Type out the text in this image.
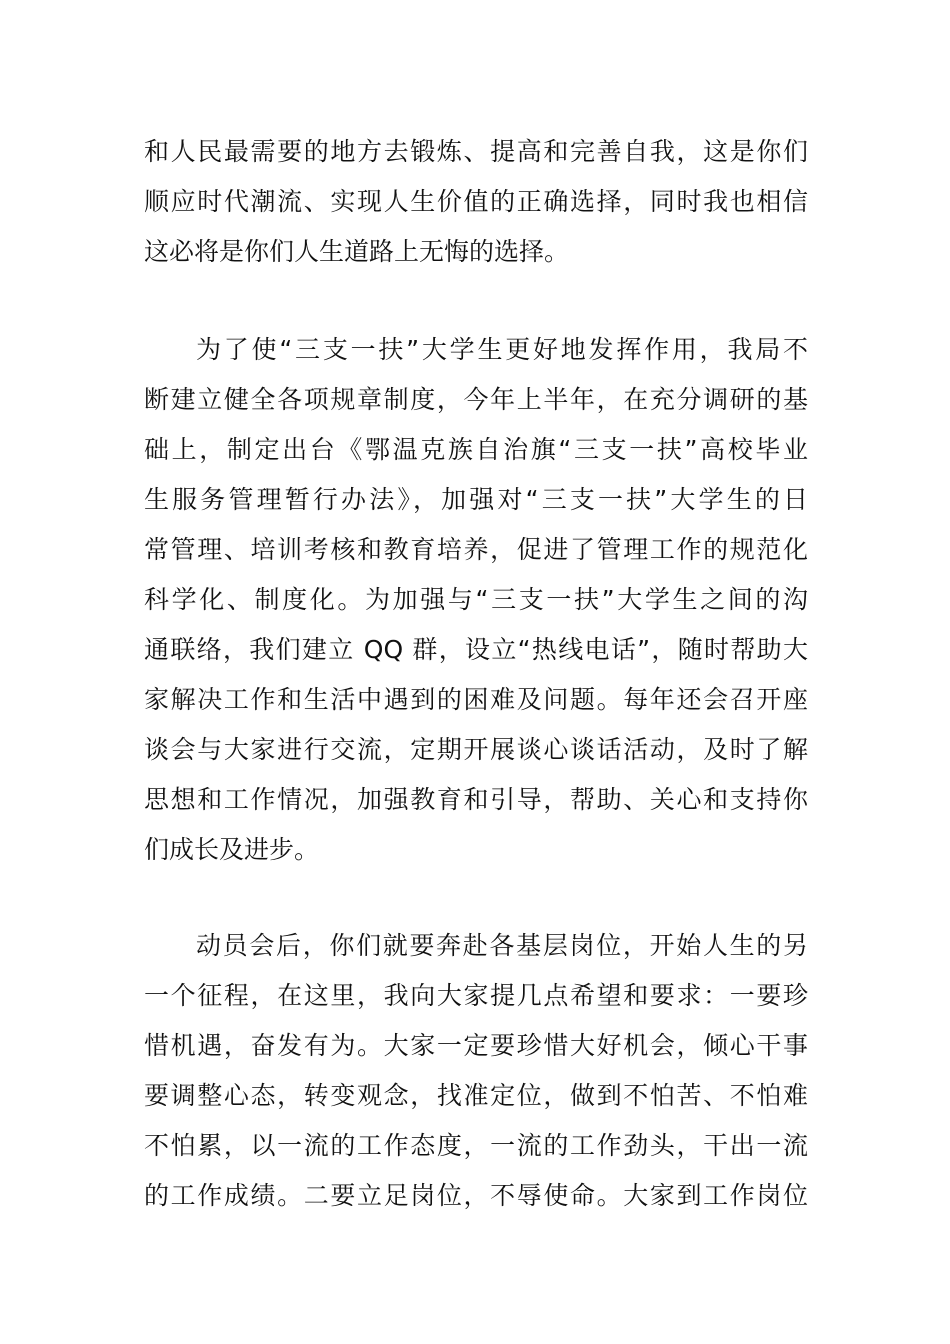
和人民最需要的地方去锻炼、提高和完善自我，这是你们
顺应时代潮流、实现人生价值的正确选择，同时我也相信
这必将是你们人生道路上无悔的选择。
为了使“三支一扶”大学生更好地发挥作用，我局不
断建立健全各项规章制度，今年上半年，在充分调研的基
础上，制定出台《鄂温克族自治旗“三支一扶”高校毕业
生服务管理暂行办法》，加强对“三支一扶”大学生的日
常管理、培训考核和教育培养，促进了管理工作的规范化
科学化、制度化。为加强与“三支一扶”大学生之间的沟
通联络，我们建立 QQ 群，设立“热线电话”，随时帮助大
家解决工作和生活中遇到的困难及问题。每年还会召开座
谈会与大家进行交流，定期开展谈心谈话活动，及时了解
思想和工作情况，加强教育和引导，帮助、关心和支持你
们成长及进步。
动员会后，你们就要奔赴各基层岗位，开始人生的另
一个征程，在这里，我向大家提几点希望和要求：一要珍
惜机遇，奋发有为。大家一定要珍惜大好机会，倾心干事
要调整心态，转变观念，找准定位，做到不怕苦、不怕难
不怕累，以一流的工作态度，一流的工作劲头，干出一流
的工作成绩。二要立足岗位，不辱使命。大家到工作岗位
